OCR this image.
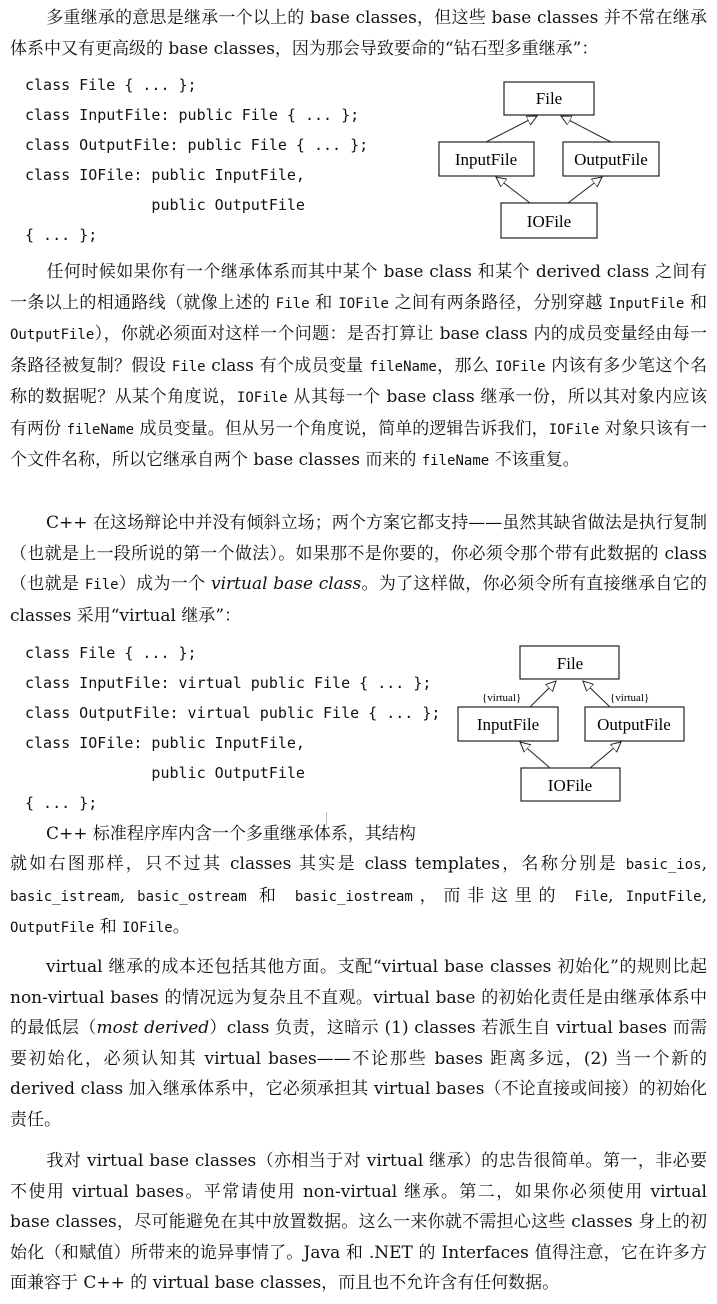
多重继承的意思是继承一个以上的 base classes，但这些 base classes 并不常在继承体系中又有更高级的 base classes，因为那会导致要命的“钻石型多重继承”：

class File { ... };
class InputFile: public File { ... };
class OutputFile: public File { ... };
class IOFile: public InputFile,
public OutputFile
{ ... };
File
InputFile	OutputFile
IOFile

任何时候如果你有一个继承体系而其中某个 base class 和某个 derived class 之间有一条以上的相通路线（就像上述的 File 和 IOFile 之间有两条路径，分别穿越 InputFile 和 OutputFile），你就必须面对这样一个问题：是否打算让 base class 内的成员变量经由每一条路径被复制？假设 File class 有个成员变量 fileName，那么 IOFile 内该有多少笔这个名称的数据呢？从某个角度说，IOFile 从其每一个 base class 继承一份，所以其对象内应该有两份 fileName 成员变量。但从另一个角度说，简单的逻辑告诉我们，IOFile 对象只该有一个文件名称，所以它继承自两个 base classes 而来的 fileName 不该重复。

C++ 在这场辩论中并没有倾斜立场；两个方案它都支持——虽然其缺省做法是执行复制（也就是上一段所说的第一个做法）。如果那不是你要的，你必须令那个带有此数据的 class（也就是 File）成为一个 virtual base class。为了这样做，你必须令所有直接继承自它的 classes 采用“virtual 继承”：

class File { ... };
class InputFile: virtual public File { ... };
class OutputFile: virtual public File { ... };
class IOFile: public InputFile,
public OutputFile
{ ... };
File
InputFile	OutputFile
IOFile
{virtual}	{virtual}

C++ 标准程序库内含一个多重继承体系，其结构

就如右图那样，只不过其 classes 其实是 class templates，名称分别是 basic_ios, basic_istream, basic_ostream 和 basic_iostream，而非这里的 File, InputFile, OutputFile 和 IOFile。

virtual 继承的成本还包括其他方面。支配“virtual base classes 初始化”的规则比起 non-virtual bases 的情况远为复杂且不直观。virtual base 的初始化责任是由继承体系中的最低层（most derived）class 负责，这暗示 (1) classes 若派生自 virtual bases 而需要初始化，必须认知其 virtual bases——不论那些 bases 距离多远，(2) 当一个新的 derived class 加入继承体系中，它必须承担其 virtual bases（不论直接或间接）的初始化责任。

我对 virtual base classes（亦相当于对 virtual 继承）的忠告很简单。第一，非必要不使用 virtual bases。平常请使用 non-virtual 继承。第二，如果你必须使用 virtual base classes，尽可能避免在其中放置数据。这么一来你就不需担心这些 classes 身上的初始化（和赋值）所带来的诡异事情了。Java 和 .NET 的 Interfaces 值得注意，它在许多方面兼容于 C++ 的 virtual base classes，而且也不允许含有任何数据。
